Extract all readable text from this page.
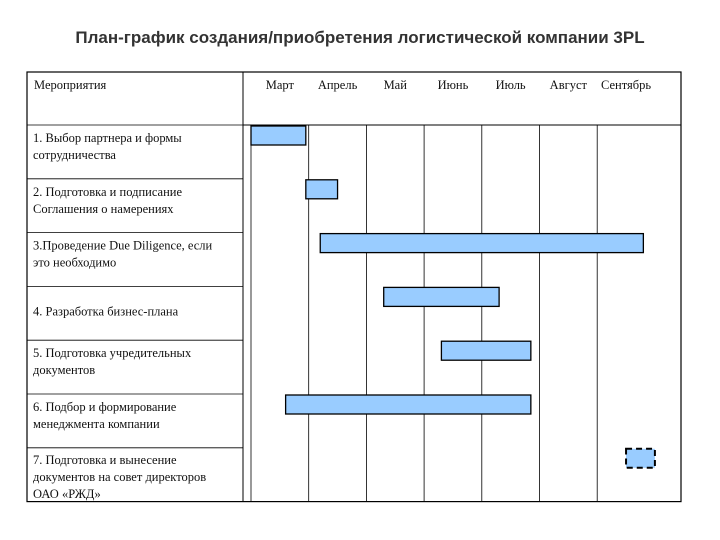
План-график создания/приобретения логистической компании 3PL
Мероприятия	Март Апрель Май Июнь Июль Август Сентябрь
1. Выбор партнера и формы
сотрудничества
2. Подготовка и подписание
Соглашения о намерениях
3.Проведение Due Diligence, если
это необходимо
4. Разработка бизнес-плана
5. Подготовка учредительных
документов
6. Подбор и формирование
менеджмента компании
7. Подготовка и вынесение
документов на совет директоров
ОАО «РЖД»
